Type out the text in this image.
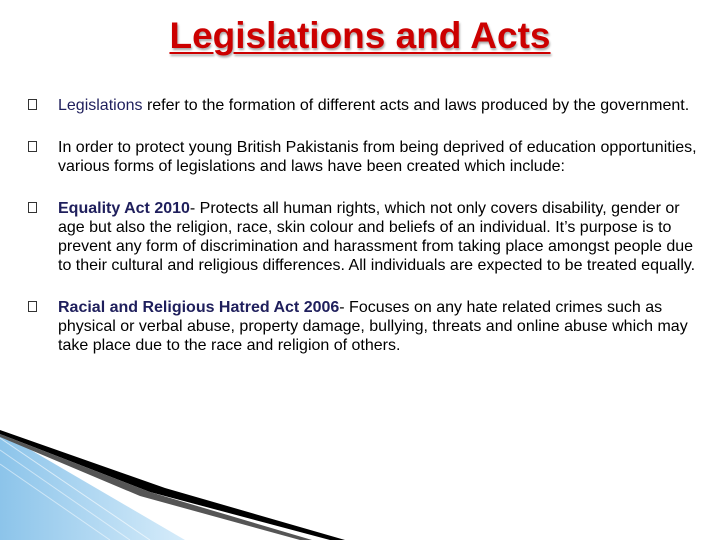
Legislations and Acts
Legislations refer to the formation of different acts and laws produced by the government.
In order to protect young British Pakistanis from being deprived of education opportunities, various forms of legislations and laws have been created which include:
Equality Act 2010- Protects all human rights, which not only covers disability, gender or age but also the religion, race, skin colour and beliefs of an individual. It’s purpose is to prevent any form of discrimination and harassment from taking place amongst people due to their cultural and religious differences. All individuals are expected to be treated equally.
Racial and Religious Hatred Act 2006- Focuses on any hate related crimes such as physical or verbal abuse, property damage, bullying, threats and online abuse which may take place due to the race and religion of others.
